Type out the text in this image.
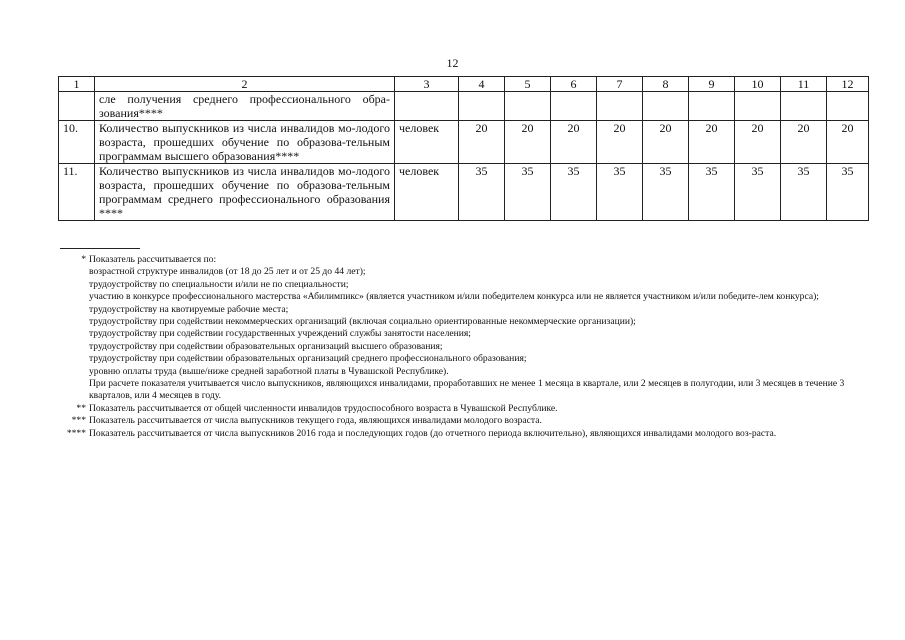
12
1	2	3	4	5	6	7	8	9	10	11	12
	сле получения среднего профессионального обра-зования****										
10.	Количество выпускников из числа инвалидов мо-лодого возраста, прошедших обучение по образова-тельным программам высшего образования****	человек	20	20	20	20	20	20	20	20	20
11.	Количество выпускников из числа инвалидов мо-лодого возраста, прошедших обучение по образова-тельным программам среднего профессионального образования ****	человек	35	35	35	35	35	35	35	35	35
* Показатель рассчитывается по:
возрастной структуре инвалидов (от 18 до 25 лет и от 25 до 44 лет);
трудоустройству по специальности и/или не по специальности;
участию в конкурсе профессионального мастерства «Абилимпикс» (является участником и/или победителем конкурса или не является участником и/или победите-лем конкурса);
трудоустройству на квотируемые рабочие места;
трудоустройству при содействии некоммерческих организаций (включая социально ориентированные некоммерческие организации);
трудоустройству при содействии государственных учреждений службы занятости населения;
трудоустройству при содействии образовательных организаций высшего образования;
трудоустройству при содействии образовательных организаций среднего профессионального образования;
уровню оплаты труда (выше/ниже средней заработной платы в Чувашской Республике).
При расчете показателя учитывается число выпускников, являющихся инвалидами, проработавших не менее 1 месяца в квартале, или 2 месяцев в полугодии, или 3 месяцев в течение 3 кварталов, или 4 месяцев в году.
** Показатель рассчитывается от общей численности инвалидов трудоспособного возраста в Чувашской Республике.
*** Показатель рассчитывается от числа выпускников текущего года, являющихся инвалидами молодого возраста.
**** Показатель рассчитывается от числа выпускников 2016 года и последующих годов (до отчетного периода включительно), являющихся инвалидами молодого воз-раста.
